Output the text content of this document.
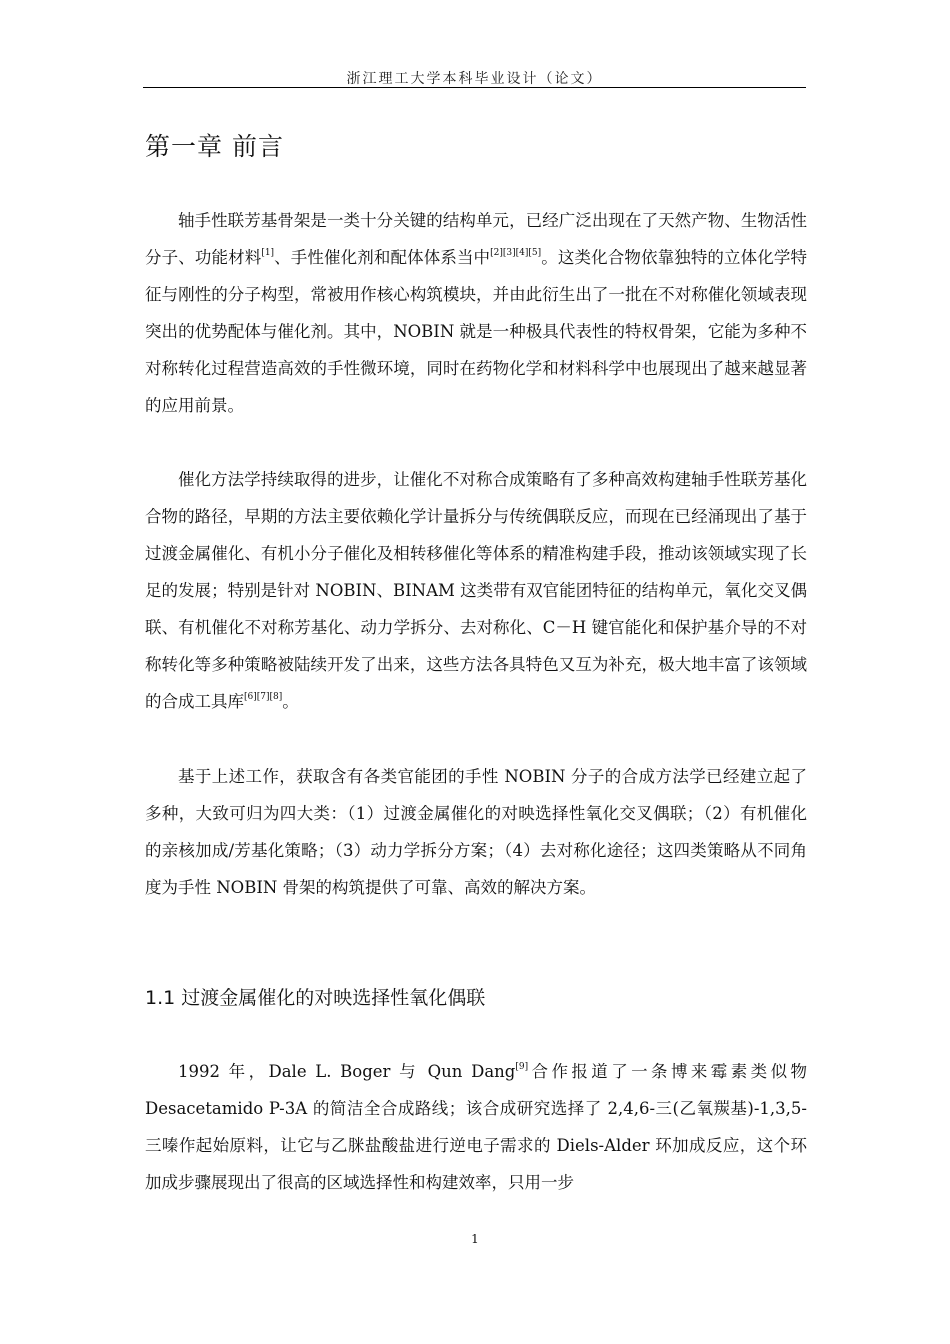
浙江理工大学本科毕业设计（论文）
第一章 前言

轴手性联芳基骨架是一类十分关键的结构单元，已经广泛出现在了天然产物、生物活性分子、功能材料[1]、手性催化剂和配体体系当中[2][3][4][5]。这类化合物依靠独特的立体化学特征与刚性的分子构型，常被用作核心构筑模块，并由此衍生出了一批在不对称催化领域表现突出的优势配体与催化剂。其中，NOBIN 就是一种极具代表性的特权骨架，它能为多种不对称转化过程营造高效的手性微环境，同时在药物化学和材料科学中也展现出了越来越显著的应用前景。

催化方法学持续取得的进步，让催化不对称合成策略有了多种高效构建轴手性联芳基化合物的路径，早期的方法主要依赖化学计量拆分与传统偶联反应，而现在已经涌现出了基于过渡金属催化、有机小分子催化及相转移催化等体系的精准构建手段，推动该领域实现了长足的发展；特别是针对 NOBIN、BINAM 这类带有双官能团特征的结构单元，氧化交叉偶联、有机催化不对称芳基化、动力学拆分、去对称化、C－H 键官能化和保护基介导的不对称转化等多种策略被陆续开发了出来，这些方法各具特色又互为补充，极大地丰富了该领域的合成工具库[6][7][8]。

基于上述工作，获取含有各类官能团的手性 NOBIN 分子的合成方法学已经建立起了多种，大致可归为四大类：（1）过渡金属催化的对映选择性氧化交叉偶联；（2）有机催化的亲核加成/芳基化策略；（3）动力学拆分方案；（4）去对称化途径；这四类策略从不同角度为手性 NOBIN 骨架的构筑提供了可靠、高效的解决方案。

1.1 过渡金属催化的对映选择性氧化偶联

1992 年，Dale L. Boger 与 Qun Dang[9]合作报道了一条博来霉素类似物 Desacetamido P-3A 的简洁全合成路线；该合成研究选择了 2,4,6-三(乙氧羰基)-1,3,5-三嗪作起始原料，让它与乙脒盐酸盐进行逆电子需求的 Diels-Alder 环加成反应，这个环加成步骤展现出了很高的区域选择性和构建效率，只用一步

1
